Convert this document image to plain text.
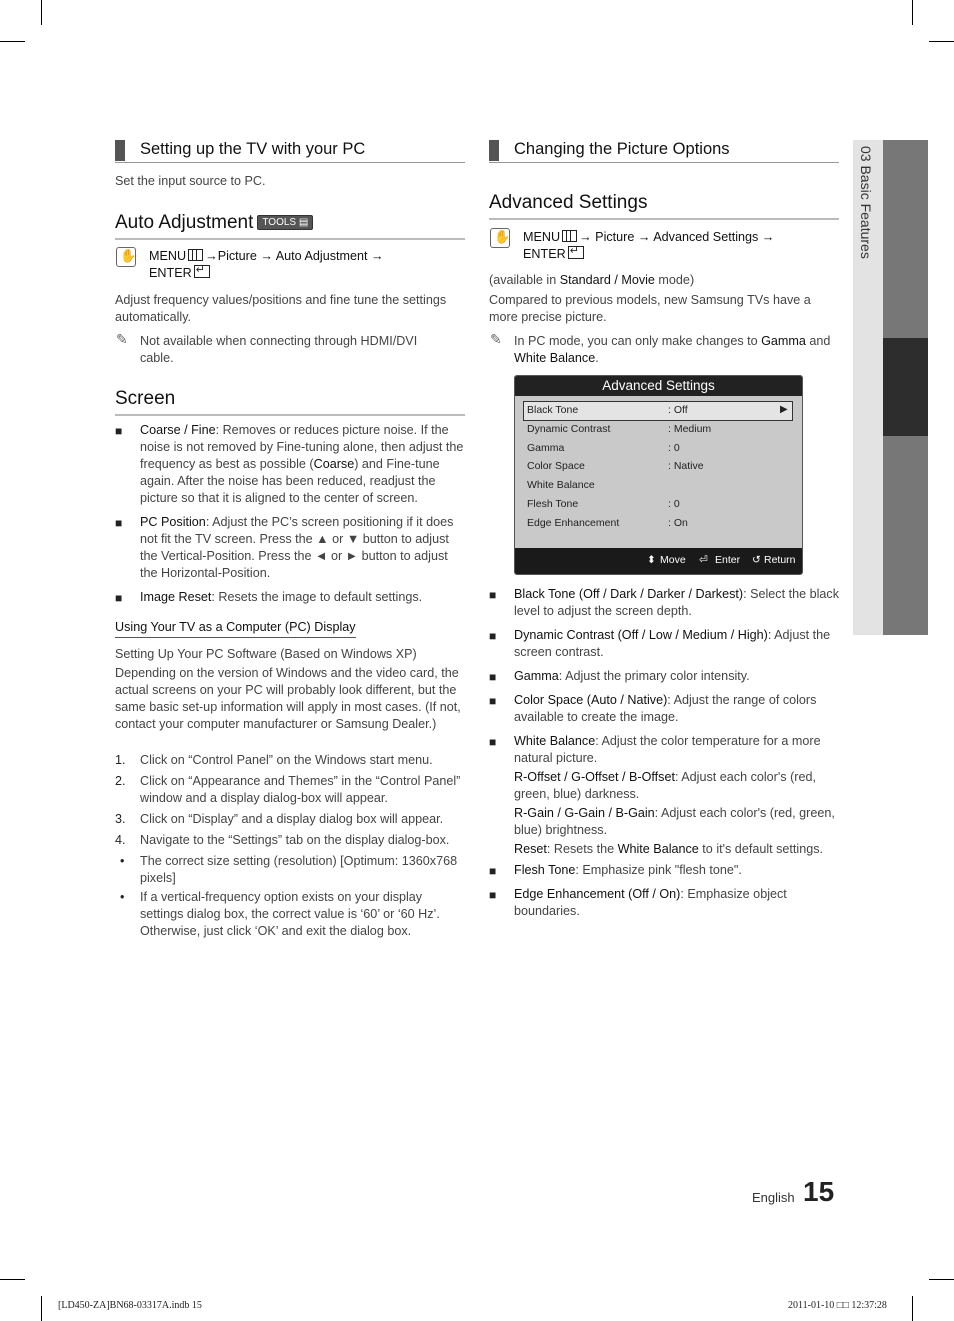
03 Basic Features
Setting up the TV with your PC
Set the input source to PC.
Auto Adjustment TOOLS ▤
✋ MENU →Picture → Auto Adjustment →
ENTER↵
Adjust frequency values/positions and fine tune the settings automatically.
✎ Not available when connecting through HDMI/DVI cable.
Screen
■ Coarse / Fine: Removes or reduces picture noise. If the noise is not removed by Fine-tuning alone, then adjust the frequency as best as possible (Coarse) and Fine-tune again. After the noise has been reduced, readjust the picture so that it is aligned to the center of screen.
■ PC Position: Adjust the PC’s screen positioning if it does not fit the TV screen. Press the ▲ or ▼ button to adjust the Vertical-Position. Press the ◄ or ► button to adjust the Horizontal-Position.
■ Image Reset: Resets the image to default settings.
Using Your TV as a Computer (PC) Display
Setting Up Your PC Software (Based on Windows XP)
Depending on the version of Windows and the video card, the actual screens on your PC will probably look different, but the same basic set-up information will apply in most cases. (If not, contact your computer manufacturer or Samsung Dealer.)
1. Click on “Control Panel” on the Windows start menu.
2. Click on “Appearance and Themes” in the “Control Panel” window and a display dialog-box will appear.
3. Click on “Display” and a display dialog box will appear.
4. Navigate to the “Settings” tab on the display dialog-box.
• The correct size setting (resolution) [Optimum: 1360x768 pixels]
• If a vertical-frequency option exists on your display settings dialog box, the correct value is ‘60’ or ‘60 Hz’. Otherwise, just click ‘OK’ and exit the dialog box.
Changing the Picture Options
Advanced Settings
✋ MENU → Picture → Advanced Settings →
ENTER↵
(available in Standard / Movie mode)
Compared to previous models, new Samsung TVs have a more precise picture.
✎ In PC mode, you can only make changes to Gamma and White Balance.
Advanced Settings
Black Tone	: Off	▶
Dynamic Contrast	: Medium
Gamma	: 0
Color Space	: Native
White Balance
Flesh Tone	: 0
Edge Enhancement	: On
⬍ Move ⏎ Enter ↺ Return
■ Black Tone (Off / Dark / Darker / Darkest): Select the black level to adjust the screen depth.
■ Dynamic Contrast (Off / Low / Medium / High): Adjust the screen contrast.
■ Gamma: Adjust the primary color intensity.
■ Color Space (Auto / Native): Adjust the range of colors available to create the image.
■ White Balance: Adjust the color temperature for a more natural picture.
R-Offset / G-Offset / B-Offset: Adjust each color's (red, green, blue) darkness.
R-Gain / G-Gain / B-Gain: Adjust each color's (red, green, blue) brightness.
Reset: Resets the White Balance to it's default settings.
■ Flesh Tone: Emphasize pink "flesh tone".
■ Edge Enhancement (Off / On): Emphasize object boundaries.
English 15
[LD450-ZA]BN68-03317A.indb 15	2011-01-10 □□ 12:37:28
